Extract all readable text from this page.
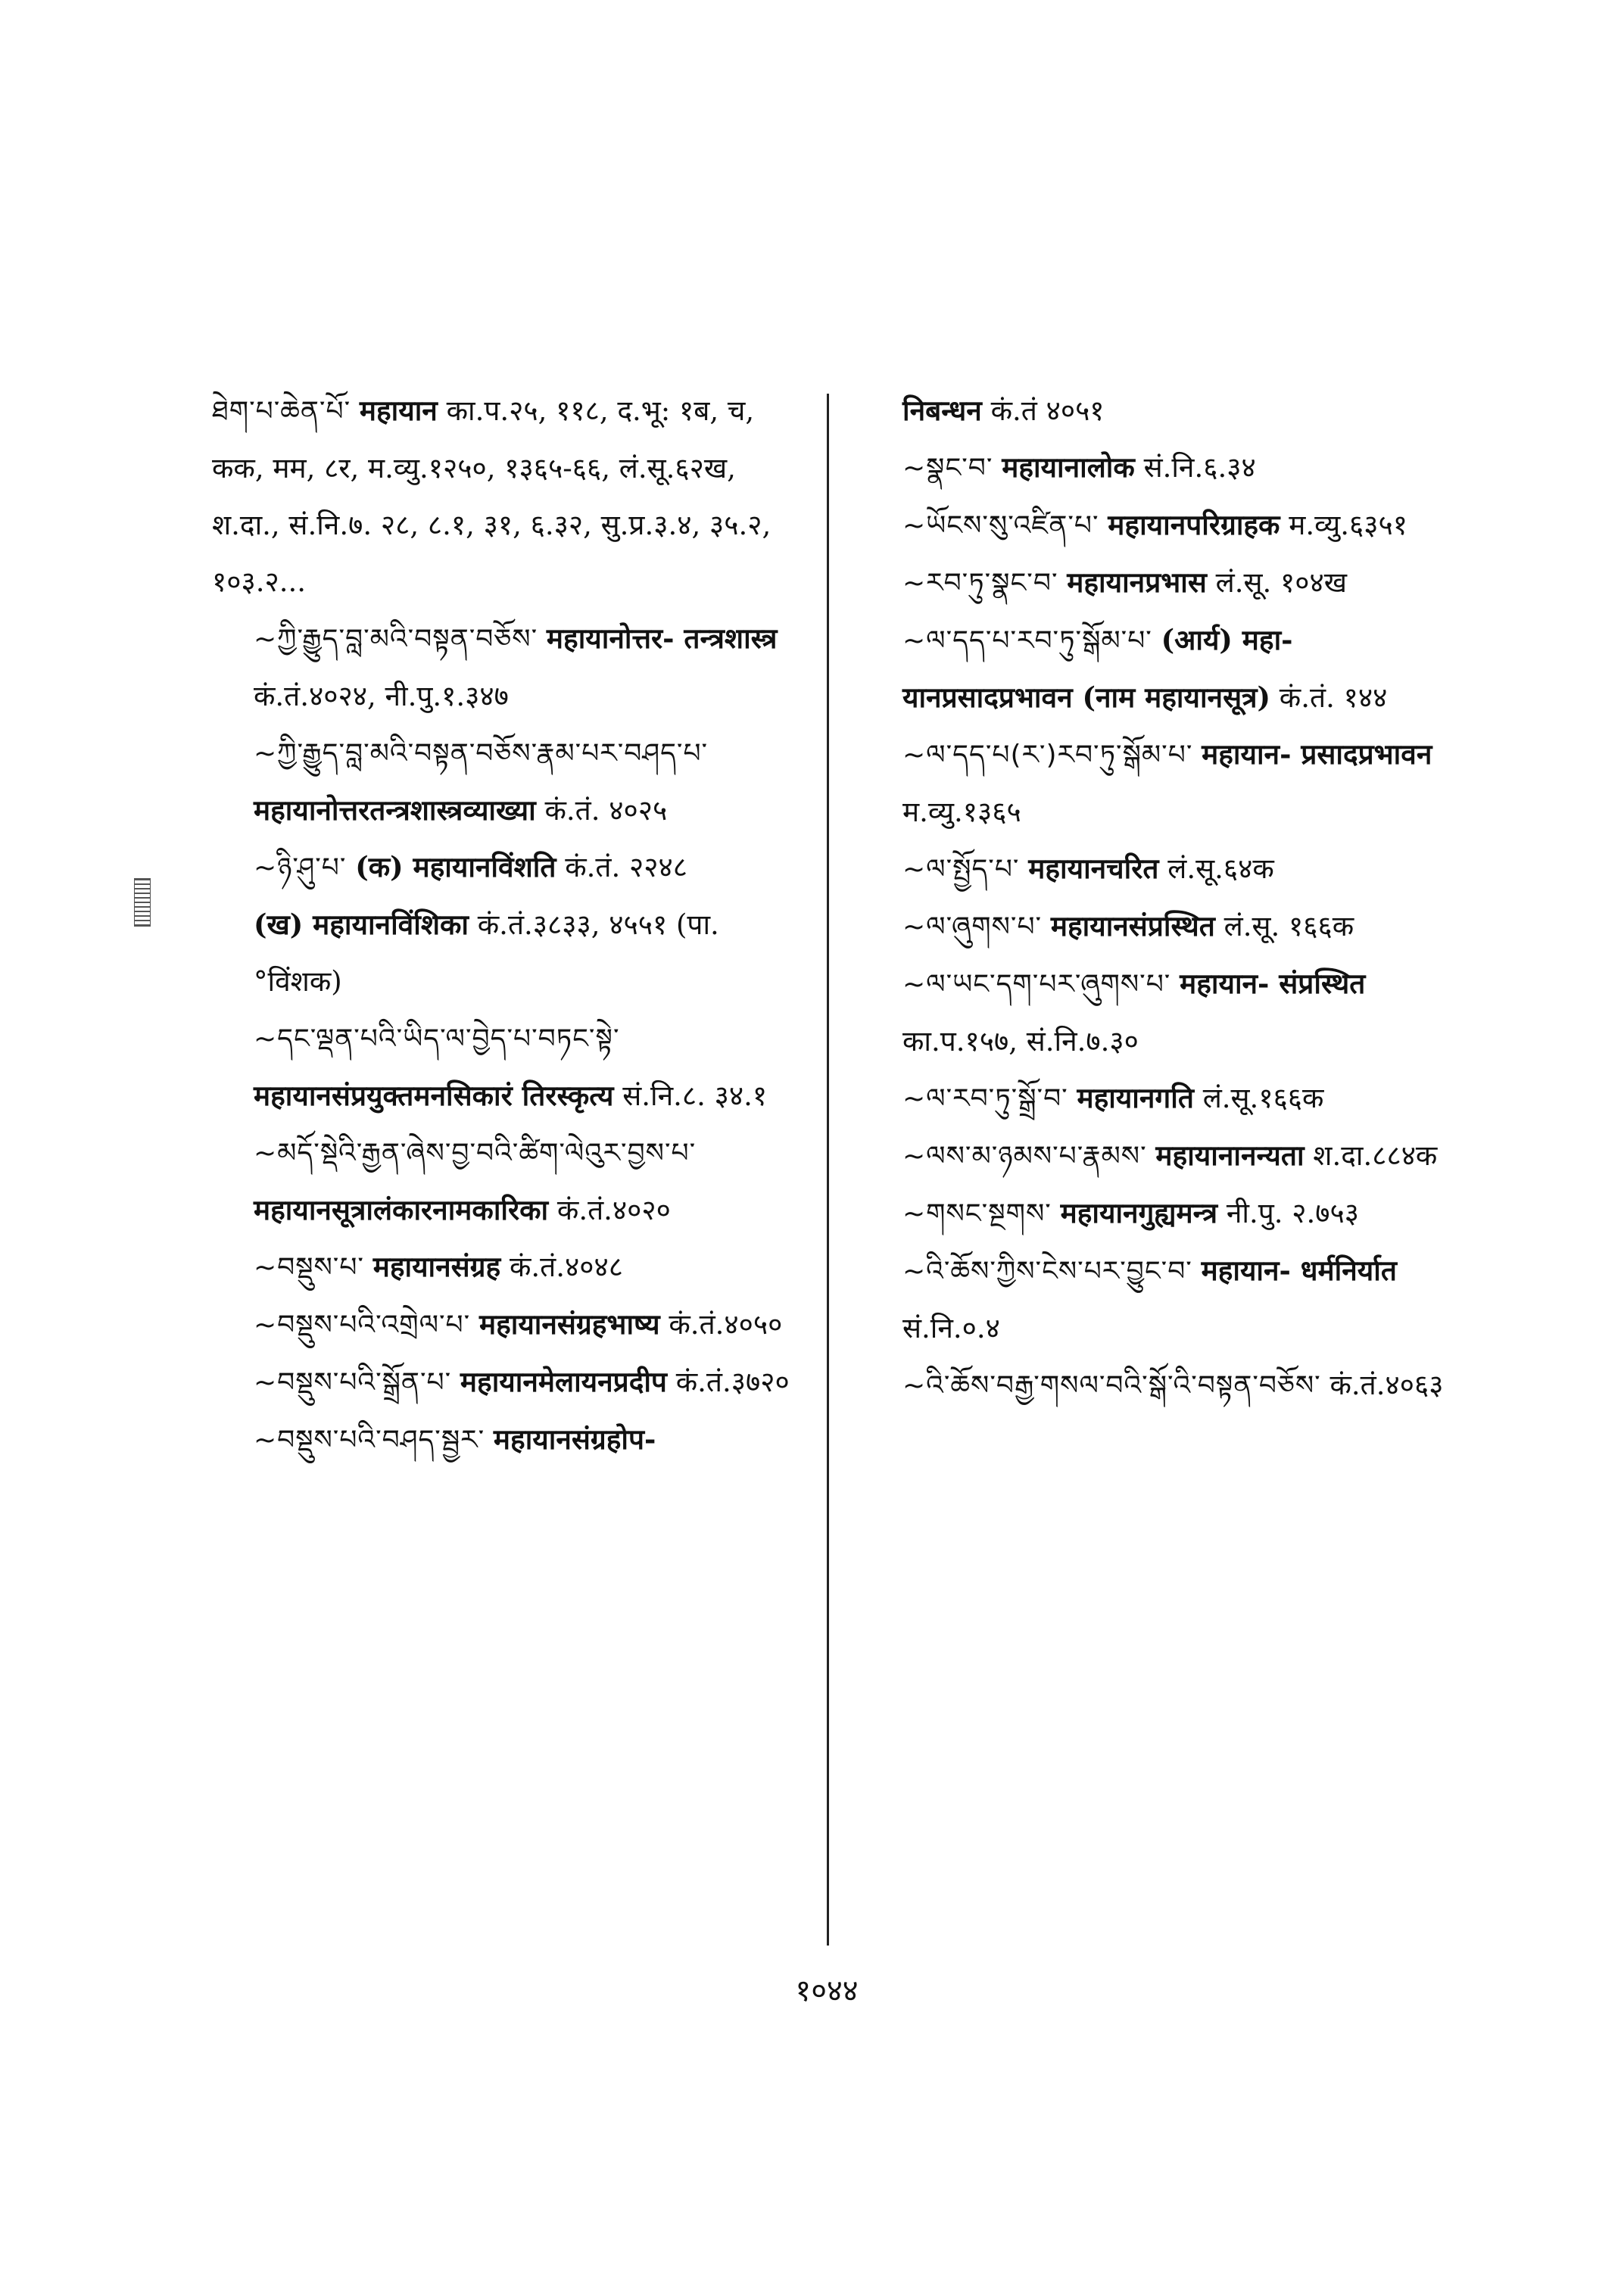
ཐེག་པ་ཆེན་པོ་ महायान का.प.२५, ११८, द.भू: १ब, च, कक, मम, ८र, म.व्यु.१२५०, १३६५-६६, लं.सू.६२ख, श.दा., सं.नि.७. २८, ८.१, ३१, ६.३२, सु.प्र.३.४, ३५.२, १०३.२...
~ཀྱི་རྒྱུད་བླ་མའི་བསྟན་བཅོས་ महायानोत्तर- तन्त्रशास्त्र कं.तं.४०२४, नी.पु.१.३४७
~ཀྱི་རྒྱུད་བླ་མའི་བསྟན་བཅོས་རྣམ་པར་བཤད་པ་ महायानोत्तरतन्त्रशास्त्रव्याख्या कं.तं. ४०२५
~ཉི་ཤུ་པ་ (क) महायानविंशति कं.तं. २२४८
(ख) महायानविंशिका कं.तं.३८३३, ४५५१ (पा. °विंशक)
~དང་ལྡན་པའི་ཡིད་ལ་བྱེད་པ་བཏང་སྟེ་ महायानसंप्रयुक्तमनसिकारं तिरस्कृत्य सं.नि.८. ३४.१
~མདོ་སྡེའི་རྒྱན་ཞེས་བྱ་བའི་ཚིག་ལེའུར་བྱས་པ་ महायानसूत्रालंकारनामकारिका कं.तं.४०२०
~བསྡུས་པ་ महायानसंग्रह कं.तं.४०४८
~བསྡུས་པའི་འགྲེལ་པ་ महायानसंग्रहभाष्य कं.तं.४०५०
~བསྡུས་པའི་སྒྲོན་པ་ महायानमेलायनप्रदीप कं.तं.३७२०
~བསྡུས་པའི་བཤད་སྦྱར་ महायानसंग्रहोप-
निबन्धन कं.तं ४०५१
~སྣང་བ་ महायानालोक सं.नि.६.३४
~ཡོངས་སུ་འཛིན་པ་ महायानपरिग्राहक म.व्यु.६३५१
~རབ་ཏུ་སྣང་བ་ महायानप्रभास लं.सू. १०४ख
~ལ་དད་པ་རབ་ཏུ་སྒོམ་པ་ (आर्य) महा- यानप्रसादप्रभावन (नाम महायानसूत्र) कं.तं. १४४
~ལ་དད་པ(ར་)རབ་ཏུ་སྒོམ་པ་ महायान- प्रसादप्रभावन म.व्यु.१३६५
~ལ་སྤྱོད་པ་ महायानचरित लं.सू.६४क
~ལ་ཞུགས་པ་ महायानसंप्रस्थित लं.सू. १६६क
~ལ་ཡང་དག་པར་ཞུགས་པ་ महायान- संप्रस्थित का.प.१५७, सं.नि.७.३०
~ལ་རབ་ཏུ་སྒྲོ་བ་ महायानगति लं.सू.१६६क
~ལས་མ་ཉམས་པ་རྣམས་ महायानानन्यता श.दा.८८४क
~གསང་སྔགས་ महायानगुह्यमन्त्र नी.पु. २.७५३
~འི་ཆོས་ཀྱིས་ངེས་པར་བྱུང་བ་ महायान- धर्मनिर्यात सं.नि.०.४
~འི་ཆོས་བརྒྱ་གསལ་བའི་སྒོ་འི་བསྟན་བཅོས་ कं.तं.४०६३
१०४४
